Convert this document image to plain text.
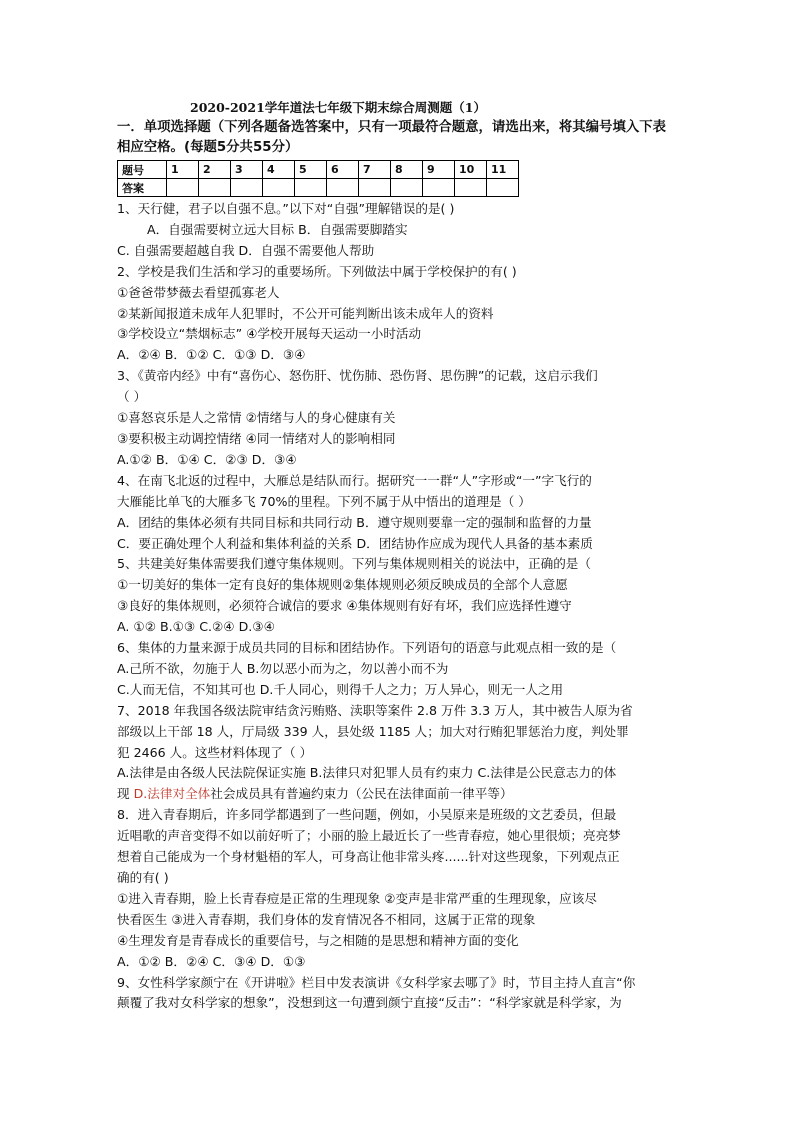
2020-2021学年道法七年级下期末综合周测题（1）

一．单项选择题（下列各题备选答案中，只有一项最符合题意，请选出来，将其编号填入下表相应空格。(每题5分共55分）

题号	1	2	3	4	5	6	7	8	9	10	11
答案											

1、天行健，君子以自强不息。”以下对“自强”理解错误的是( )

A．自强需要树立远大目标 B．自强需要脚踏实

C. 自强需要超越自我 D．自强不需要他人帮助

2、学校是我们生活和学习的重要场所。下列做法中属于学校保护的有( )

①爸爸带梦薇去看望孤寡老人

②某新闻报道未成年人犯罪时，不公开可能判断出该未成年人的资料

③学校设立“禁烟标志” ④学校开展每天运动一小时活动

A．②④ B．①② C．①③ D．③④

3、《黄帝内经》中有“喜伤心、怒伤肝、忧伤肺、恐伤肾、思伤脾”的记载，这启示我们

（ ）

①喜怒哀乐是人之常情 ②情绪与人的身心健康有关

③要积极主动调控情绪 ④同一情绪对人的影响相同

A.①② B．①④ C．②③ D．③④

4、在南飞北返的过程中，大雁总是结队而行。据研究一一群“人”字形或“一”字飞行的

大雁能比单飞的大雁多飞 70%的里程。下列不属于从中悟出的道理是（ ）

A．团结的集体必须有共同目标和共同行动 B．遵守规则要靠一定的强制和监督的力量

C．要正确处理个人利益和集体利益的关系 D．团结协作应成为现代人具备的基本素质

5、共建美好集体需要我们遵守集体规则。下列与集体规则相关的说法中，正确的是（

①一切美好的集体一定有良好的集体规则②集体规则必须反映成员的全部个人意愿

③良好的集体规则，必须符合诚信的要求 ④集体规则有好有坏，我们应选择性遵守

A. ①② B.①③ C.②④ D.③④

6、集体的力量来源于成员共同的目标和团结协作。下列语句的语意与此观点相一致的是（

A.己所不欲，勿施于人 B.勿以恶小而为之，勿以善小而不为

C.人而无信，不知其可也 D.千人同心，则得千人之力；万人异心，则无一人之用

7、2018 年我国各级法院审结贪污贿赂、渎职等案件 2.8 万件 3.3 万人，其中被告人原为省

部级以上干部 18 人，厅局级 339 人，县处级 1185 人；加大对行贿犯罪惩治力度，判处罪

犯 2466 人。这些材料体现了（ ）

A.法律是由各级人民法院保证实施 B.法律只对犯罪人员有约束力 C.法律是公民意志力的体

现 D.法律对全体社会成员具有普遍约束力（公民在法律面前一律平等）

8．进入青春期后，许多同学都遇到了一些问题，例如，小吴原来是班级的文艺委员，但最

近唱歌的声音变得不如以前好听了；小丽的脸上最近长了一些青春痘，她心里很烦；亮亮梦

想着自己能成为一个身材魁梧的军人，可身高让他非常头疼......针对这些现象，下列观点正

确的有( )

①进入青春期，脸上长青春痘是正常的生理现象 ②变声是非常严重的生理现象，应该尽

快看医生 ③进入青春期，我们身体的发育情况各不相同，这属于正常的现象

④生理发育是青春成长的重要信号，与之相随的是思想和精神方面的变化

A．①② B．②④ C．③④ D．①③

9、女性科学家颜宁在《开讲啦》栏目中发表演讲《女科学家去哪了》时，节目主持人直言“你

颠覆了我对女科学家的想象”，没想到这一句遭到颜宁直接“反击”：“科学家就是科学家，为
